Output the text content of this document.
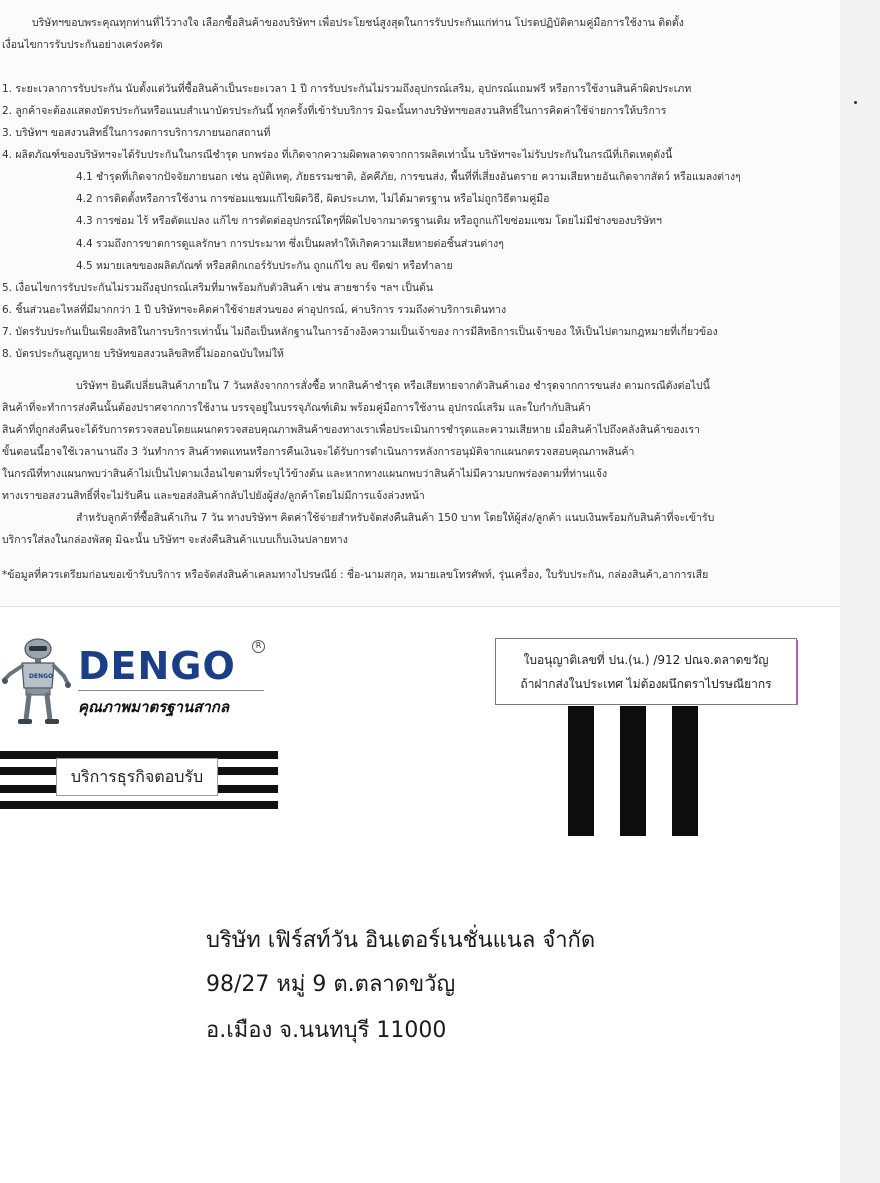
บริษัทฯขอบพระคุณทุกท่านที่ไว้วางใจ เลือกซื้อสินค้าของบริษัทฯ เพื่อประโยชน์สูงสุดในการรับประกันแก่ท่าน โปรดปฏิบัติตามคู่มือการใช้งาน ติดตั้ง
เงื่อนไขการรับประกันอย่างเคร่งครัด
1. ระยะเวลาการรับประกัน นับตั้งแต่วันที่ซื้อสินค้าเป็นระยะเวลา 1 ปี การรับประกันไม่รวมถึงอุปกรณ์เสริม, อุปกรณ์แถมฟรี หรือการใช้งานสินค้าผิดประเภท
2. ลูกค้าจะต้องแสดงบัตรประกันหรือแนบสำเนาบัตรประกันนี้ ทุกครั้งที่เข้ารับบริการ มิฉะนั้นทางบริษัทฯขอสงวนสิทธิ์ในการคิดค่าใช้จ่ายการให้บริการ
3. บริษัทฯ ขอสงวนสิทธิ์ในการงดการบริการภายนอกสถานที่
4. ผลิตภัณฑ์ของบริษัทฯจะได้รับประกันในกรณีชำรุด บกพร่อง ที่เกิดจากความผิดพลาดจากการผลิตเท่านั้น บริษัทฯจะไม่รับประกันในกรณีที่เกิดเหตุดังนี้
4.1 ชำรุดที่เกิดจากปัจจัยภายนอก เช่น อุบัติเหตุ, ภัยธรรมชาติ, อัคคีภัย, การขนส่ง, พื้นที่ที่เสี่ยงอันตราย ความเสียหายอันเกิดจากสัตว์ หรือแมลงต่างๆ
4.2 การติดตั้งหรือการใช้งาน การซ่อมแซมแก้ไขผิดวิธี, ผิดประเภท, ไม่ได้มาตรฐาน หรือไม่ถูกวิธีตามคู่มือ
4.3 การซ่อม ไร้ หรือดัดแปลง แก้ไข การตัดต่ออุปกรณ์ใดๆที่ผิดไปจากมาตรฐานเดิม หรือถูกแก้ไขซ่อมแซม โดยไม่มีช่างของบริษัทฯ
4.4 รวมถึงการขาดการดูแลรักษา การประมาท ซึ่งเป็นผลทำให้เกิดความเสียหายต่อชิ้นส่วนต่างๆ
4.5 หมายเลขของผลิตภัณฑ์ หรือสติกเกอร์รับประกัน ถูกแก้ไข ลบ ขีดฆ่า หรือทำลาย
5. เงื่อนไขการรับประกันไม่รวมถึงอุปกรณ์เสริมที่มาพร้อมกับตัวสินค้า เช่น สายชาร์จ ฯลฯ เป็นต้น
6. ชิ้นส่วนอะไหล่ที่มีมากกว่า 1 ปี บริษัทฯจะคิดค่าใช้จ่ายส่วนของ ค่าอุปกรณ์, ค่าบริการ รวมถึงค่าบริการเดินทาง
7. บัตรรับประกันเป็นเพียงสิทธิในการบริการเท่านั้น ไม่ถือเป็นหลักฐานในการอ้างอิงความเป็นเจ้าของ การมีสิทธิการเป็นเจ้าของ ให้เป็นไปตามกฎหมายที่เกี่ยวข้อง
8. บัตรประกันสูญหาย บริษัทขอสงวนลิขสิทธิ์ไม่ออกฉบับใหม่ให้
บริษัทฯ ยินดีเปลี่ยนสินค้าภายใน 7 วันหลังจากการสั่งซื้อ หากสินค้าชำรุด หรือเสียหายจากตัวสินค้าเอง ชำรุดจากการขนส่ง ตามกรณีดังต่อไปนี้
สินค้าที่จะทำการส่งคืนนั้นต้องปราศจากการใช้งาน บรรจุอยู่ในบรรจุภัณฑ์เดิม พร้อมคู่มือการใช้งาน อุปกรณ์เสริม และใบกำกับสินค้า
สินค้าที่ถูกส่งคืนจะได้รับการตรวจสอบโดยแผนกตรวจสอบคุณภาพสินค้าของทางเราเพื่อประเมินการชำรุดและความเสียหาย เมื่อสินค้าไปถึงคลังสินค้าของเรา
ขั้นตอนนี้อาจใช้เวลานานถึง 3 วันทำการ สินค้าทดแทนหรือการคืนเงินจะได้รับการดำเนินการหลังการอนุมัติจากแผนกตรวจสอบคุณภาพสินค้า
ในกรณีที่ทางแผนกพบว่าสินค้าไม่เป็นไปตามเงื่อนไขตามที่ระบุไว้ข้างต้น และหากทางแผนกพบว่าสินค้าไม่มีความบกพร่องตามที่ท่านแจ้ง
ทางเราขอสงวนสิทธิ์ที่จะไม่รับคืน และขอส่งสินค้ากลับไปยังผู้ส่ง/ลูกค้าโดยไม่มีการแจ้งล่วงหน้า
สำหรับลูกค้าที่ซื้อสินค้าเกิน 7 วัน ทางบริษัทฯ คิดค่าใช้จ่ายสำหรับจัดส่งคืนสินค้า 150 บาท โดยให้ผู้ส่ง/ลูกค้า แนบเงินพร้อมกับสินค้าที่จะเข้ารับ
บริการใส่ลงในกล่องพัสดุ มิฉะนั้น บริษัทฯ จะส่งคืนสินค้าแบบเก็บเงินปลายทาง
*ข้อมูลที่ควรเตรียมก่อนขอเข้ารับบริการ หรือจัดส่งสินค้าเคลมทางไปรษณีย์ : ชื่อ-นามสกุล, หมายเลขโทรศัพท์, รุ่นเครื่อง, ใบรับประกัน, กล่องสินค้า,อาการเสีย
DENGO DENGO	R
คุณภาพมาตรฐานสากล
บริการธุรกิจตอบรับ
ใบอนุญาติเลขที่ ปน.(น.) /912 ปณจ.ตลาดขวัญ
ถ้าฝากส่งในประเทศ ไม่ต้องผนึกตราไปรษณียากร
บริษัท เฟิร์สท์วัน อินเตอร์เนชั่นแนล จำกัด
98/27 หมู่ 9 ต.ตลาดขวัญ
อ.เมือง จ.นนทบุรี 11000
